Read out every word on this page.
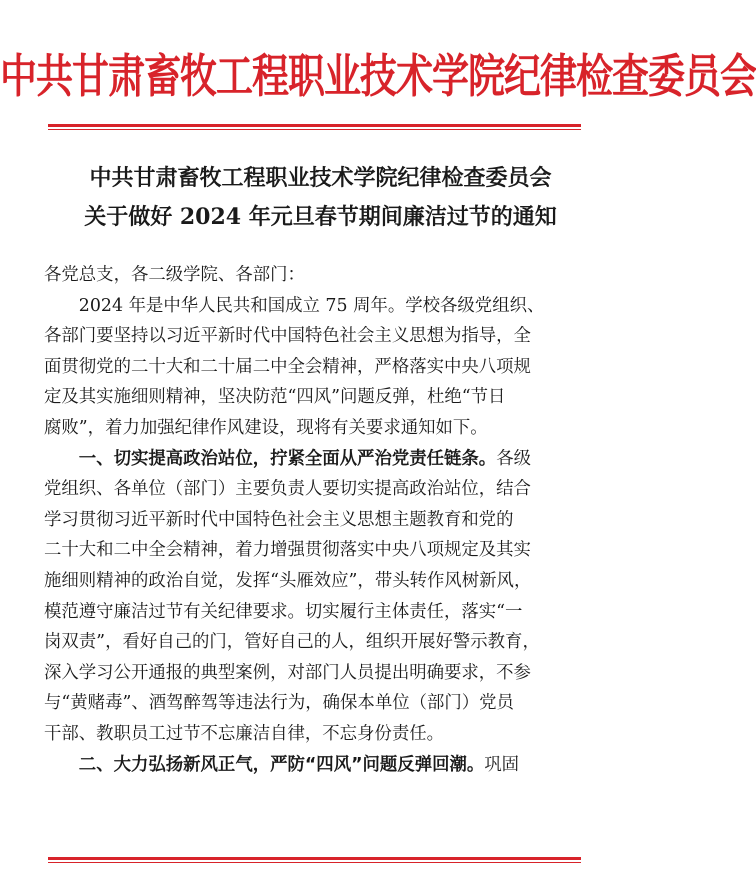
中共甘肃畜牧工程职业技术学院纪律检查委员会
中共甘肃畜牧工程职业技术学院纪律检查委员会
关于做好 2024 年元旦春节期间廉洁过节的通知

各党总支，各二级学院、各部门：

2024 年是中华人民共和国成立 75 周年。学校各级党组织、
各部门要坚持以习近平新时代中国特色社会主义思想为指导，全
面贯彻党的二十大和二十届二中全会精神，严格落实中央八项规
定及其实施细则精神，坚决防范“四风”问题反弹，杜绝“节日
腐败”，着力加强纪律作风建设，现将有关要求通知如下。

一、切实提高政治站位，拧紧全面从严治党责任链条。各级
党组织、各单位（部门）主要负责人要切实提高政治站位，结合
学习贯彻习近平新时代中国特色社会主义思想主题教育和党的
二十大和二中全会精神，着力增强贯彻落实中央八项规定及其实
施细则精神的政治自觉，发挥“头雁效应”，带头转作风树新风，
模范遵守廉洁过节有关纪律要求。切实履行主体责任，落实“一
岗双责”，看好自己的门，管好自己的人，组织开展好警示教育，
深入学习公开通报的典型案例，对部门人员提出明确要求，不参
与“黄赌毒”、酒驾醉驾等违法行为，确保本单位（部门）党员
干部、教职员工过节不忘廉洁自律，不忘身份责任。

二、大力弘扬新风正气，严防“四风”问题反弹回潮。巩固
